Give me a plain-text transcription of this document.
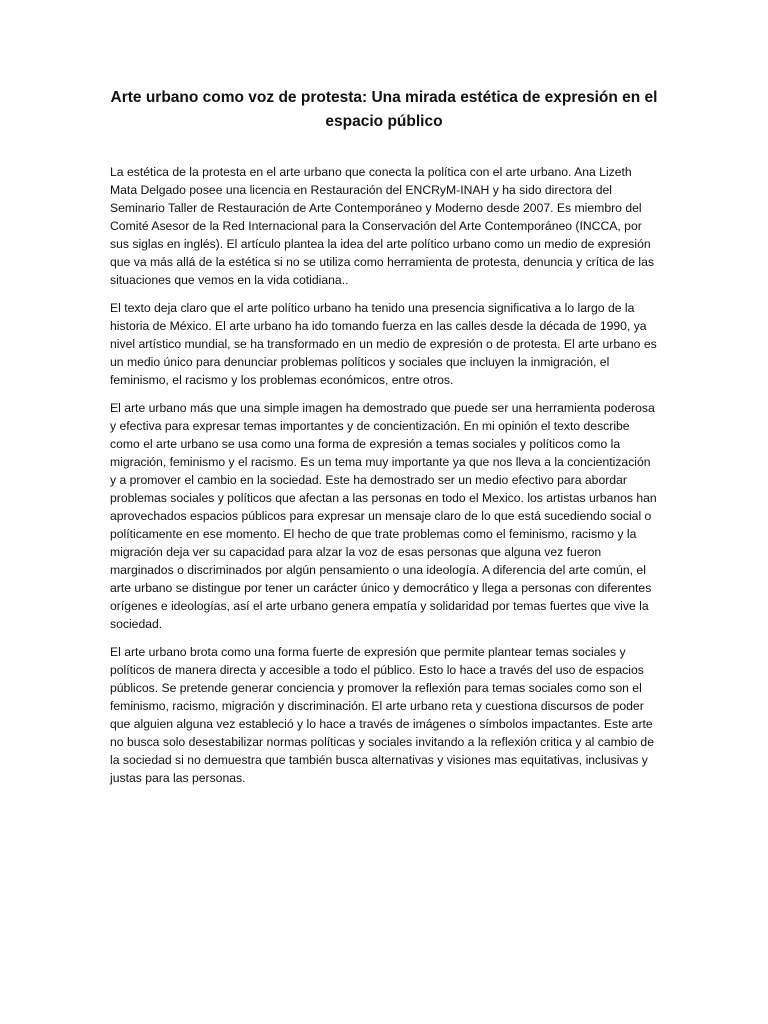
Arte urbano como voz de protesta: Una mirada estética de expresión en el espacio público

La estética de la protesta en el arte urbano que conecta la política con el arte urbano. Ana Lizeth Mata Delgado posee una licencia en Restauración del ENCRyM-INAH y ha sido directora del Seminario Taller de Restauración de Arte Contemporáneo y Moderno desde 2007. Es miembro del Comité Asesor de la Red Internacional para la Conservación del Arte Contemporáneo (INCCA, por sus siglas en inglés). El artículo plantea la idea del arte político urbano como un medio de expresión que va más allá de la estética si no se utiliza como herramienta de protesta, denuncia y crítica de las situaciones que vemos en la vida cotidiana..

El texto deja claro que el arte político urbano ha tenido una presencia significativa a lo largo de la historia de México. El arte urbano ha ido tomando fuerza en las calles desde la década de 1990, ya nivel artístico mundial, se ha transformado en un medio de expresión o de protesta. El arte urbano es un medio único para denunciar problemas políticos y sociales que incluyen la inmigración, el feminismo, el racismo y los problemas económicos, entre otros.

El arte urbano más que una simple imagen ha demostrado que puede ser una herramienta poderosa y efectiva para expresar temas importantes y de concientización. En mi opinión el texto describe como el arte urbano se usa como una forma de expresión a temas sociales y políticos como la migración, feminismo y el racismo. Es un tema muy importante ya que nos lleva a la concientización y a promover el cambio en la sociedad. Este ha demostrado ser un medio efectivo para abordar problemas sociales y políticos que afectan a las personas en todo el Mexico. los artistas urbanos han aprovechados espacios públicos para expresar un mensaje claro de lo que está sucediendo social o políticamente en ese momento. El hecho de que trate problemas como el feminismo, racismo y la migración deja ver su capacidad para alzar la voz de esas personas que alguna vez fueron marginados o discriminados por algún pensamiento o una ideología. A diferencia del arte común, el arte urbano se distingue por tener un carácter único y democrático y llega a personas con diferentes orígenes e ideologías, así el arte urbano genera empatía y solidaridad por temas fuertes que vive la sociedad.

El arte urbano brota como una forma fuerte de expresión que permite plantear temas sociales y políticos de manera directa y accesible a todo el público. Esto lo hace a través del uso de espacios públicos. Se pretende generar conciencia y promover la reflexión para temas sociales como son el feminismo, racismo, migración y discriminación. El arte urbano reta y cuestiona discursos de poder que alguien alguna vez estableció y lo hace a través de imágenes o símbolos impactantes. Este arte no busca solo desestabilizar normas políticas y sociales invitando a la reflexión critica y al cambio de la sociedad si no demuestra que también busca alternativas y visiones mas equitativas, inclusivas y justas para las personas.
